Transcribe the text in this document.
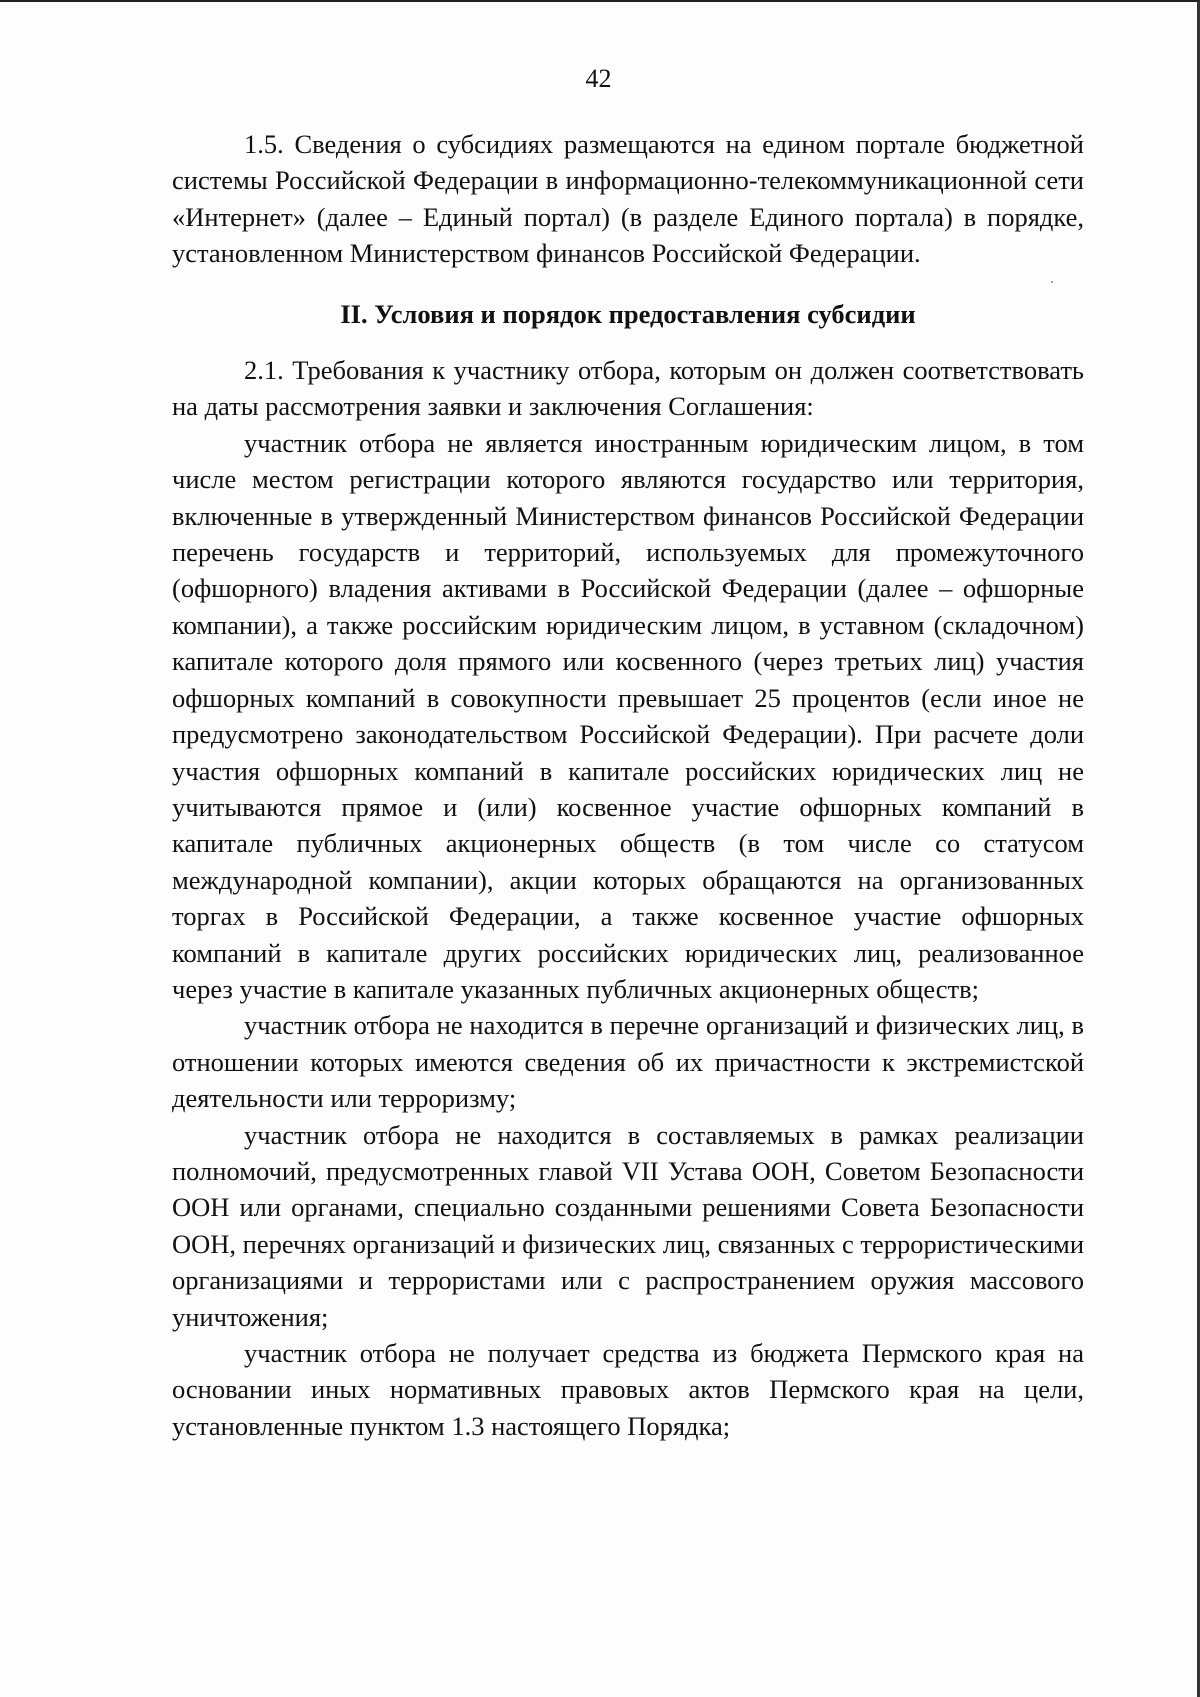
42

1.5. Сведения о субсидиях размещаются на едином портале бюджетной системы Российской Федерации в информационно-телекоммуникационной сети «Интернет» (далее – Единый портал) (в разделе Единого портала) в порядке, установленном Министерством финансов Российской Федерации.

II. Условия и порядок предоставления субсидии

2.1. Требования к участнику отбора, которым он должен соответствовать на даты рассмотрения заявки и заключения Соглашения:

участник отбора не является иностранным юридическим лицом, в том числе местом регистрации которого являются государство или территория, включенные в утвержденный Министерством финансов Российской Федерации перечень государств и территорий, используемых для промежуточного (офшорного) владения активами в Российской Федерации (далее – офшорные компании), а также российским юридическим лицом, в уставном (складочном) капитале которого доля прямого или косвенного (через третьих лиц) участия офшорных компаний в совокупности превышает 25 процентов (если иное не предусмотрено законодательством Российской Федерации). При расчете доли участия офшорных компаний в капитале российских юридических лиц не учитываются прямое и (или) косвенное участие офшорных компаний в капитале публичных акционерных обществ (в том числе со статусом международной компании), акции которых обращаются на организованных торгах в Российской Федерации, а также косвенное участие офшорных компаний в капитале других российских юридических лиц, реализованное через участие в капитале указанных публичных акционерных обществ;

участник отбора не находится в перечне организаций и физических лиц, в отношении которых имеются сведения об их причастности к экстремистской деятельности или терроризму;

участник отбора не находится в составляемых в рамках реализации полномочий, предусмотренных главой VII Устава ООН, Советом Безопасности ООН или органами, специально созданными решениями Совета Безопасности ООН, перечнях организаций и физических лиц, связанных с террористическими организациями и террористами или с распространением оружия массового уничтожения;

участник отбора не получает средства из бюджета Пермского края на основании иных нормативных правовых актов Пермского края на цели, установленные пунктом 1.3 настоящего Порядка;
